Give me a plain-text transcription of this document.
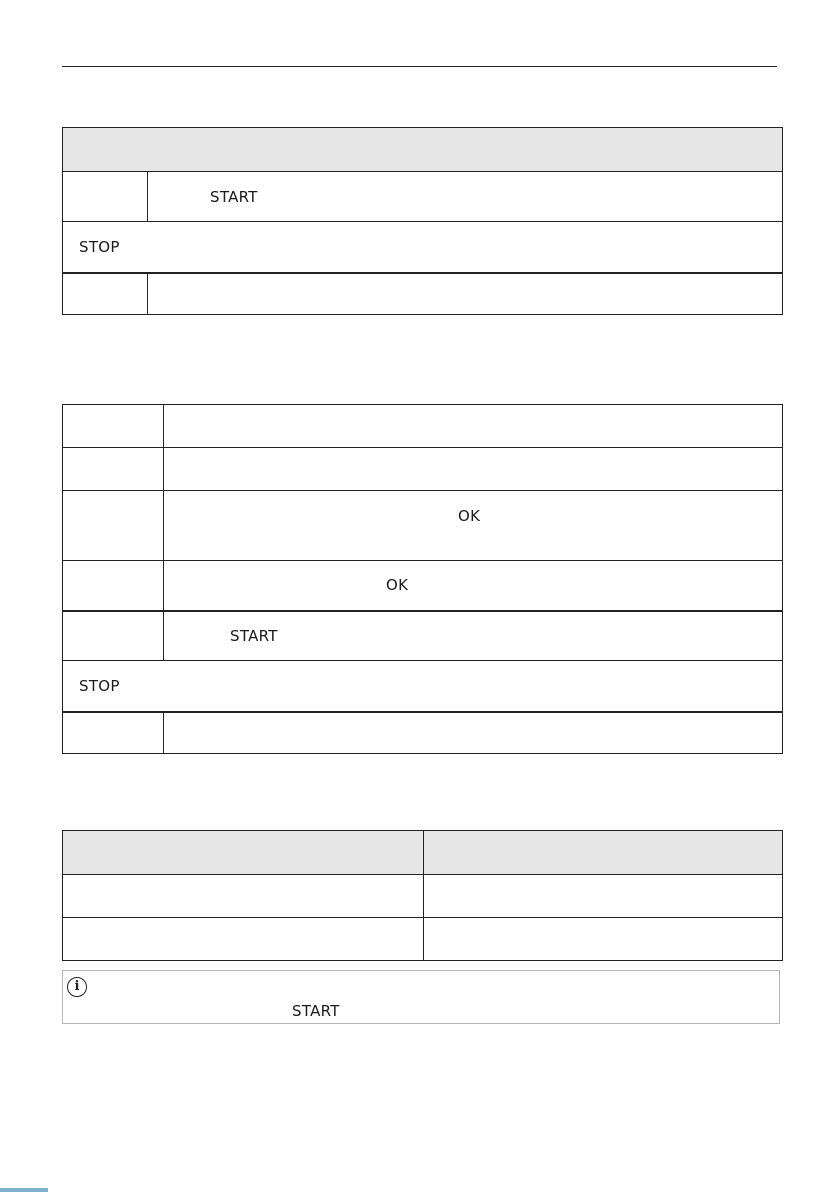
	START
STOP	

	OK
	OK
	START
STOP	

i
START
